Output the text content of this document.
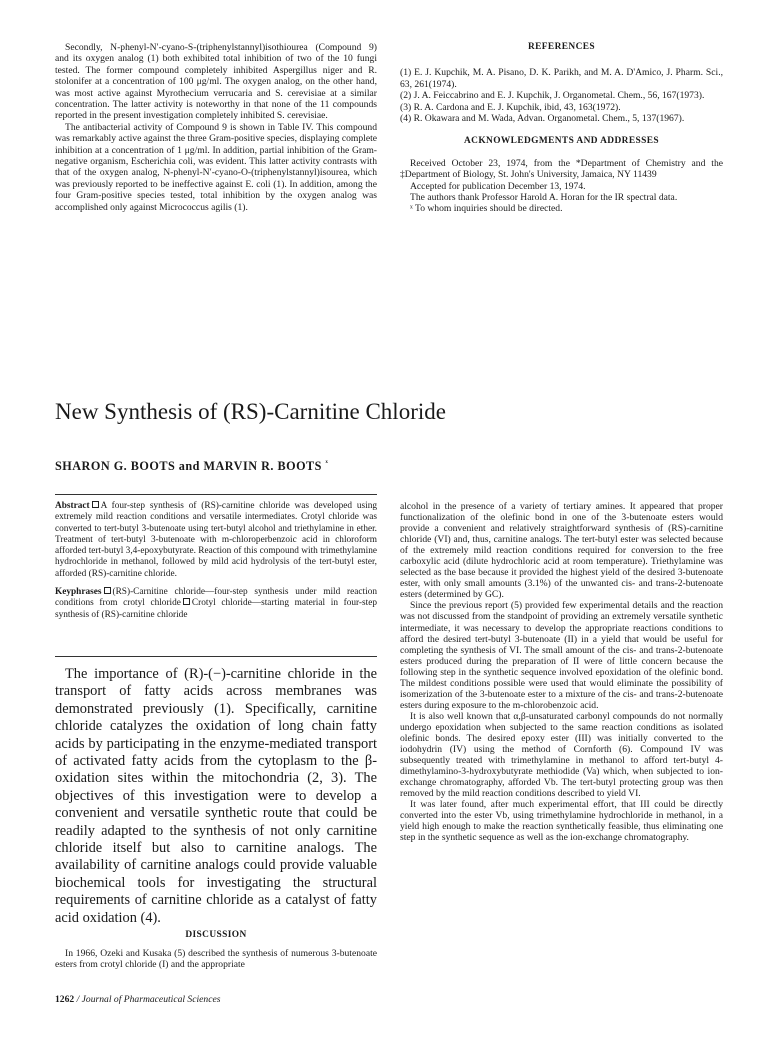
Secondly, N-phenyl-N′-cyano-S-(triphenylstannyl)isothiourea (Compound 9) and its oxygen analog (1) both exhibited total inhibition of two of the 10 fungi tested. The former compound completely inhibited Aspergillus niger and R. stolonifer at a concentration of 100 μg/ml. The oxygen analog, on the other hand, was most active against Myrothecium verrucaria and S. cerevisiae at a similar concentration. The latter activity is noteworthy in that none of the 11 compounds reported in the present investigation completely inhibited S. cerevisiae.

The antibacterial activity of Compound 9 is shown in Table IV. This compound was remarkably active against the three Gram-positive species, displaying complete inhibition at a concentration of 1 μg/ml. In addition, partial inhibition of the Gram-negative organism, Escherichia coli, was evident. This latter activity contrasts with that of the oxygen analog, N-phenyl-N′-cyano-O-(triphenylstannyl)isourea, which was previously reported to be ineffective against E. coli (1). In addition, among the four Gram-positive species tested, total inhibition by the oxygen analog was accomplished only against Micrococcus agilis (1).

REFERENCES

(1) E. J. Kupchik, M. A. Pisano, D. K. Parikh, and M. A. D'Amico, J. Pharm. Sci., 63, 261(1974).

(2) J. A. Feiccabrino and E. J. Kupchik, J. Organometal. Chem., 56, 167(1973).

(3) R. A. Cardona and E. J. Kupchik, ibid, 43, 163(1972).

(4) R. Okawara and M. Wada, Advan. Organometal. Chem., 5, 137(1967).

ACKNOWLEDGMENTS AND ADDRESSES

Received October 23, 1974, from the *Department of Chemistry and the ‡Department of Biology, St. John's University, Jamaica, NY 11439

Accepted for publication December 13, 1974.

The authors thank Professor Harold A. Horan for the IR spectral data.

ˣ To whom inquiries should be directed.

New Synthesis of (RS)-Carnitine Chloride
SHARON G. BOOTS and MARVIN R. BOOTS $^ˣ$

Abstract A four-step synthesis of (RS)-carnitine chloride was developed using extremely mild reaction conditions and versatile intermediates. Crotyl chloride was converted to tert-butyl 3-butenoate using tert-butyl alcohol and triethylamine in ether. Treatment of tert-butyl 3-butenoate with m-chloroperbenzoic acid in chloroform afforded tert-butyl 3,4-epoxybutyrate. Reaction of this compound with trimethylamine hydrochloride in methanol, followed by mild acid hydrolysis of the tert-butyl ester, afforded (RS)-carnitine chloride.

Keyphrases (RS)-Carnitine chloride—four-step synthesis under mild reaction conditions from crotyl chloride Crotyl chloride—starting material in four-step synthesis of (RS)-carnitine chloride

The importance of (R)-(−)-carnitine chloride in the transport of fatty acids across membranes was demonstrated previously (1). Specifically, carnitine chloride catalyzes the oxidation of long chain fatty acids by participating in the enzyme-mediated transport of activated fatty acids from the cytoplasm to the β-oxidation sites within the mitochondria (2, 3). The objectives of this investigation were to develop a convenient and versatile synthetic route that could be readily adapted to the synthesis of not only carnitine chloride itself but also to carnitine analogs. The availability of carnitine analogs could provide valuable biochemical tools for investigating the structural requirements of carnitine chloride as a catalyst of fatty acid oxidation (4).

DISCUSSION

In 1966, Ozeki and Kusaka (5) described the synthesis of numerous 3-butenoate esters from crotyl chloride (I) and the appropriate

alcohol in the presence of a variety of tertiary amines. It appeared that proper functionalization of the olefinic bond in one of the 3-butenoate esters would provide a convenient and relatively straightforward synthesis of (RS)-carnitine chloride (VI) and, thus, carnitine analogs. The tert-butyl ester was selected because of the extremely mild reaction conditions required for conversion to the free carboxylic acid (dilute hydrochloric acid at room temperature). Triethylamine was selected as the base because it provided the highest yield of the desired 3-butenoate ester, with only small amounts (3.1%) of the unwanted cis- and trans-2-butenoate esters (determined by GC).

Since the previous report (5) provided few experimental details and the reaction was not discussed from the standpoint of providing an extremely versatile synthetic intermediate, it was necessary to develop the appropriate reactions conditions to afford the desired tert-butyl 3-butenoate (II) in a yield that would be useful for completing the synthesis of VI. The small amount of the cis- and trans-2-butenoate esters produced during the preparation of II were of little concern because the following step in the synthetic sequence involved epoxidation of the olefinic bond. The mildest conditions possible were used that would eliminate the possibility of isomerization of the 3-butenoate ester to a mixture of the cis- and trans-2-butenoate esters during exposure to the m-chlorobenzoic acid.

It is also well known that α,β-unsaturated carbonyl compounds do not normally undergo epoxidation when subjected to the same reaction conditions as isolated olefinic bonds. The desired epoxy ester (III) was initially converted to the iodohydrin (IV) using the method of Cornforth (6). Compound IV was subsequently treated with trimethylamine in methanol to afford tert-butyl 4-dimethylamino-3-hydroxybutyrate methiodide (Va) which, when subjected to ion-exchange chromatography, afforded Vb. The tert-butyl protecting group was then removed by the mild reaction conditions described to yield VI.

It was later found, after much experimental effort, that III could be directly converted into the ester Vb, using trimethylamine hydrochloride in methanol, in a yield high enough to make the reaction synthetically feasible, thus eliminating one step in the synthetic sequence as well as the ion-exchange chromatography.

1262 / Journal of Pharmaceutical Sciences
